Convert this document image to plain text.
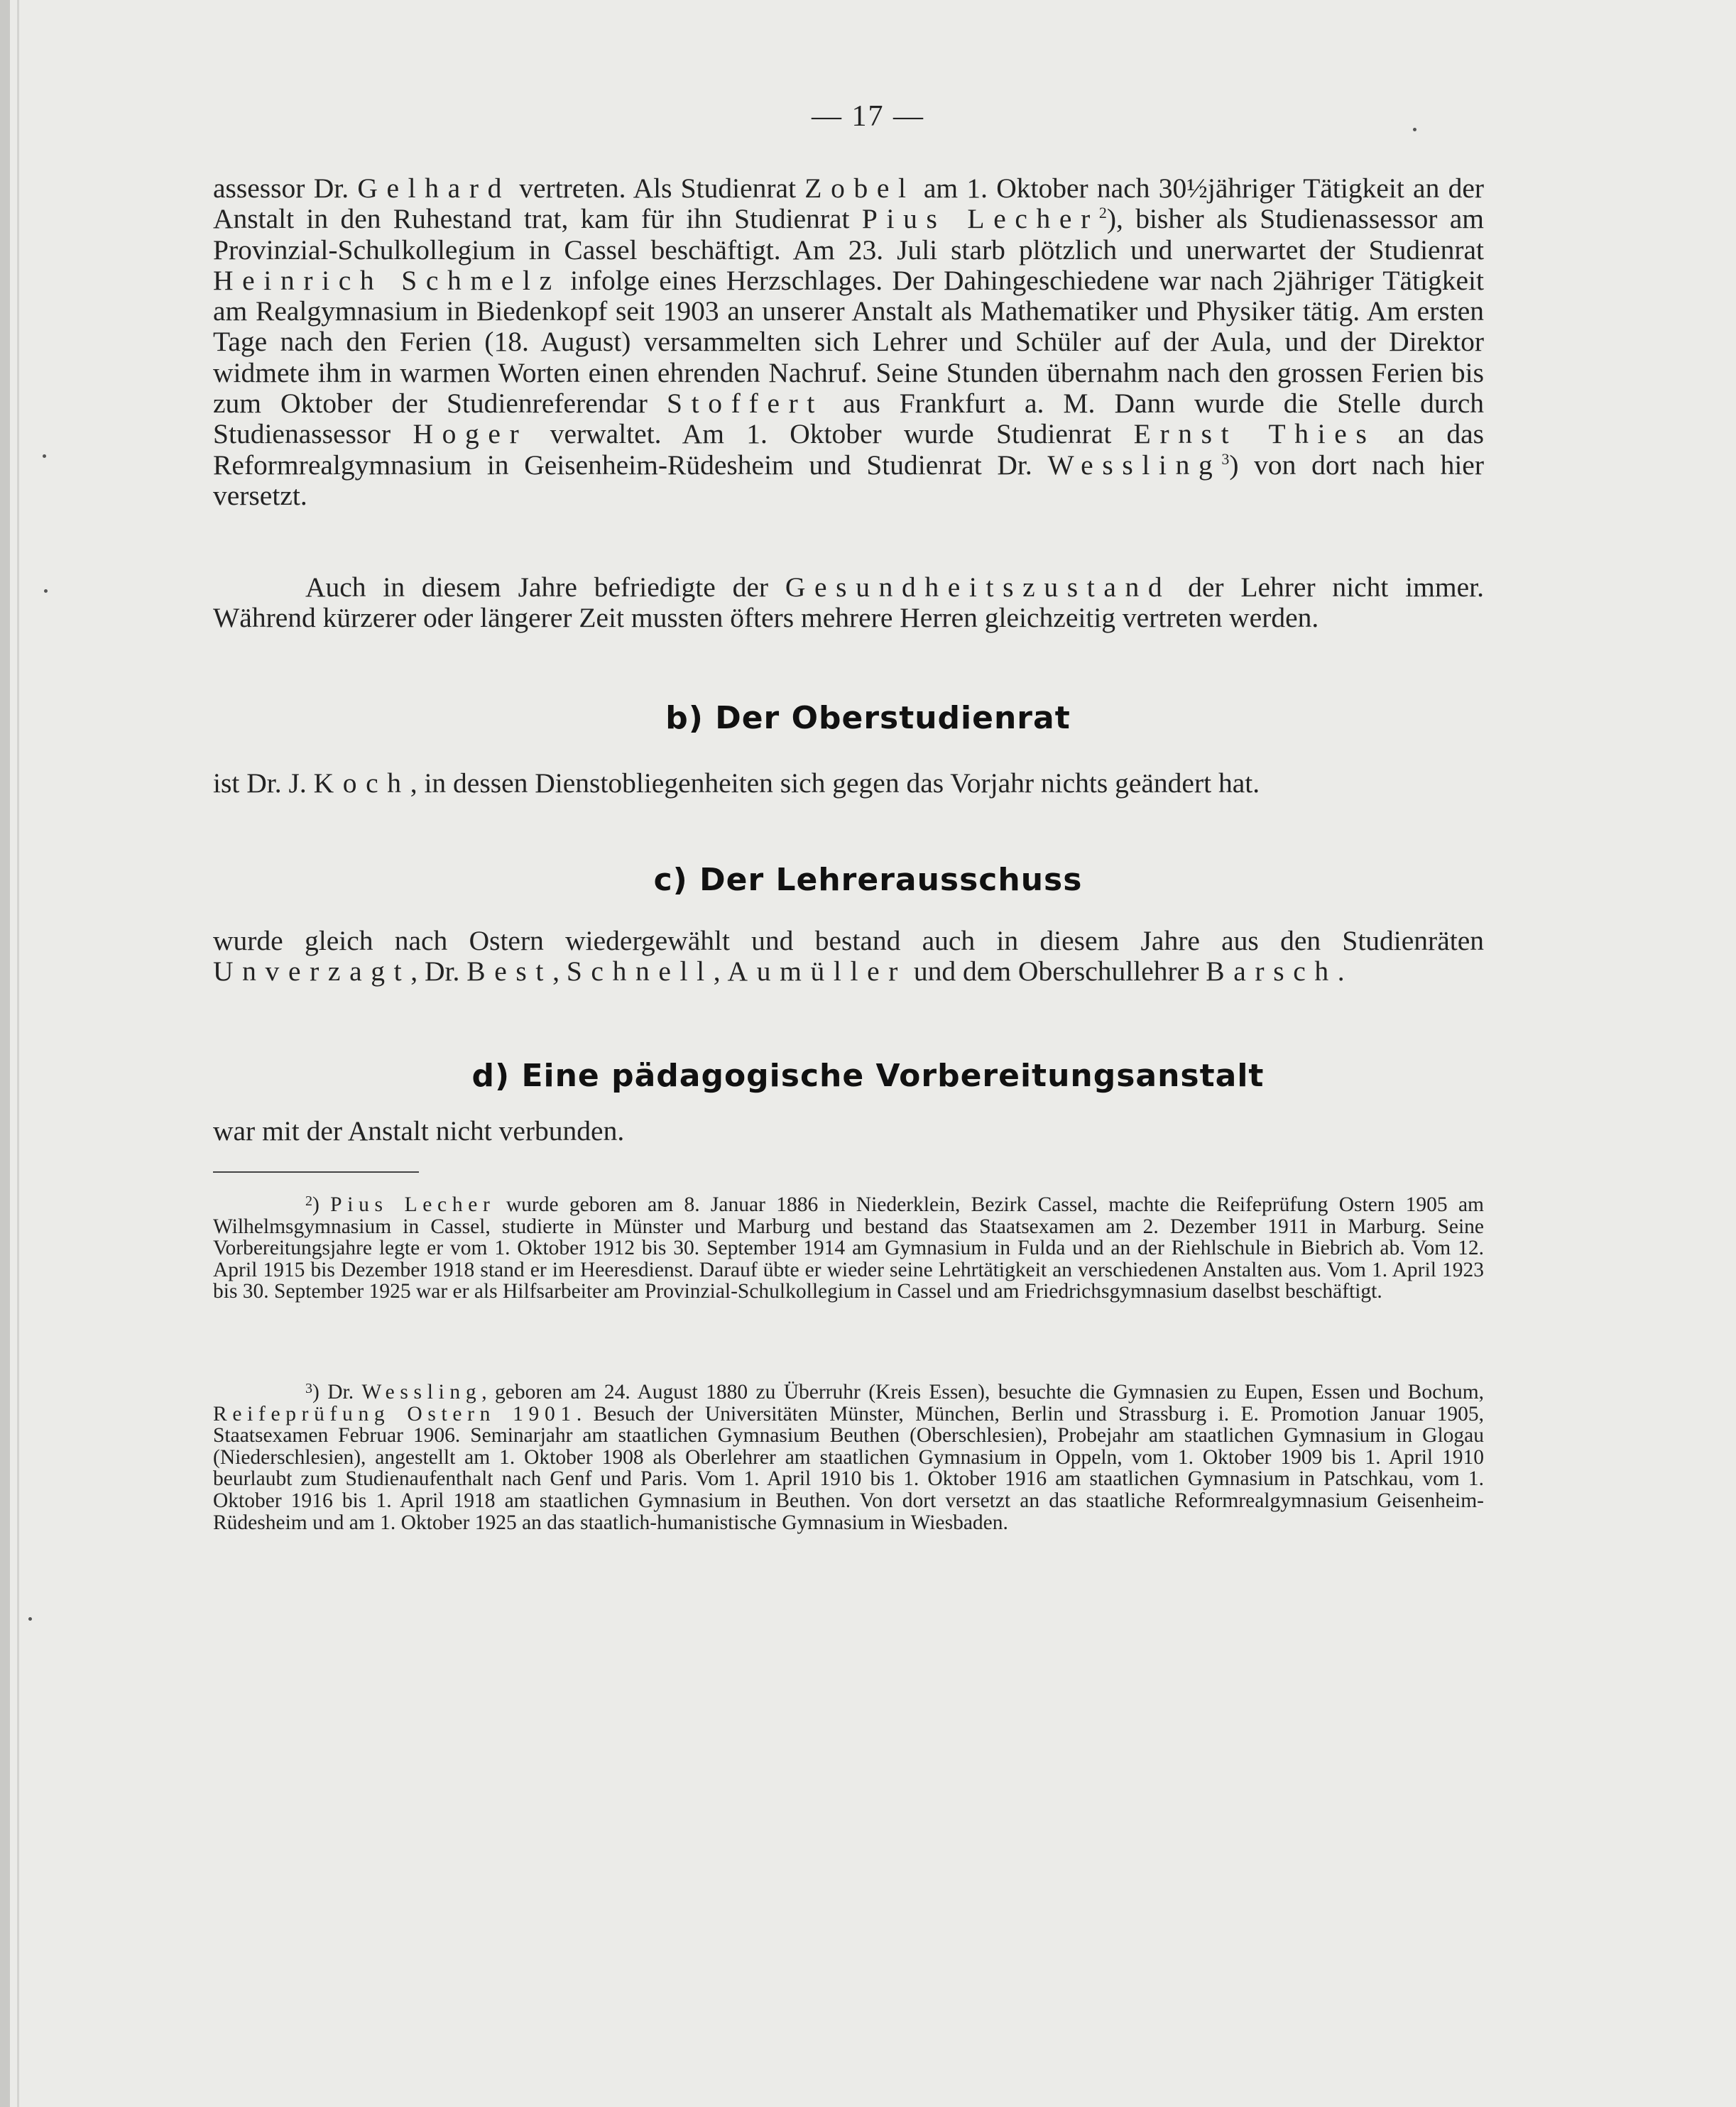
— 17 —

assessor Dr. Gelhard vertreten. Als Studienrat Zobel am 1. Oktober nach 30½jähriger Tätigkeit an der Anstalt in den Ruhestand trat, kam für ihn Studienrat Pius Lecher$^2$), bisher als Studienassessor am Provinzial-Schulkollegium in Cassel beschäftigt. Am 23. Juli starb plötzlich und unerwartet der Studienrat Heinrich Schmelz infolge eines Herzschlages. Der Dahingeschiedene war nach 2jähriger Tätigkeit am Realgymnasium in Biedenkopf seit 1903 an unserer Anstalt als Mathematiker und Physiker tätig. Am ersten Tage nach den Ferien (18. August) versammelten sich Lehrer und Schüler auf der Aula, und der Direktor widmete ihm in warmen Worten einen ehrenden Nachruf. Seine Stunden übernahm nach den grossen Ferien bis zum Oktober der Studienreferendar Stoffert aus Frankfurt a. M. Dann wurde die Stelle durch Studienassessor Hoger verwaltet. Am 1. Oktober wurde Studienrat Ernst Thies an das Reformrealgymnasium in Geisenheim-Rüdesheim und Studienrat Dr. Wessling$^3$) von dort nach hier versetzt.

Auch in diesem Jahre befriedigte der Gesundheitszustand der Lehrer nicht immer. Während kürzerer oder längerer Zeit mussten öfters mehrere Herren gleichzeitig vertreten werden.

b) Der Oberstudienrat

ist Dr. J. Koch, in dessen Dienstobliegenheiten sich gegen das Vorjahr nichts geändert hat.

c) Der Lehrerausschuss

wurde gleich nach Ostern wiedergewählt und bestand auch in diesem Jahre aus den Studienräten Unverzagt, Dr. Best, Schnell, Aumüller und dem Oberschullehrer Barsch.

d) Eine pädagogische Vorbereitungsanstalt

war mit der Anstalt nicht verbunden.

$^2$) Pius Lecher wurde geboren am 8. Januar 1886 in Niederklein, Bezirk Cassel, machte die Reifeprüfung Ostern 1905 am Wilhelmsgymnasium in Cassel, studierte in Münster und Marburg und bestand das Staatsexamen am 2. Dezember 1911 in Marburg. Seine Vorbereitungsjahre legte er vom 1. Oktober 1912 bis 30. September 1914 am Gymnasium in Fulda und an der Riehlschule in Biebrich ab. Vom 12. April 1915 bis Dezember 1918 stand er im Heeresdienst. Darauf übte er wieder seine Lehrtätigkeit an verschiedenen Anstalten aus. Vom 1. April 1923 bis 30. September 1925 war er als Hilfsarbeiter am Provinzial-Schulkollegium in Cassel und am Friedrichsgymnasium daselbst beschäftigt.

$^3$) Dr. Wessling, geboren am 24. August 1880 zu Überruhr (Kreis Essen), besuchte die Gymnasien zu Eupen, Essen und Bochum, Reifeprüfung Ostern 1901. Besuch der Universitäten Münster, München, Berlin und Strassburg i. E. Promotion Januar 1905, Staatsexamen Februar 1906. Seminarjahr am staatlichen Gymnasium Beuthen (Oberschlesien), Probejahr am staatlichen Gymnasium in Glogau (Niederschlesien), angestellt am 1. Oktober 1908 als Oberlehrer am staatlichen Gymnasium in Oppeln, vom 1. Oktober 1909 bis 1. April 1910 beurlaubt zum Studienaufenthalt nach Genf und Paris. Vom 1. April 1910 bis 1. Oktober 1916 am staatlichen Gymnasium in Patschkau, vom 1. Oktober 1916 bis 1. April 1918 am staatlichen Gymnasium in Beuthen. Von dort versetzt an das staatliche Reformrealgymnasium Geisenheim-Rüdesheim und am 1. Oktober 1925 an das staatlich-humanistische Gymnasium in Wiesbaden.
